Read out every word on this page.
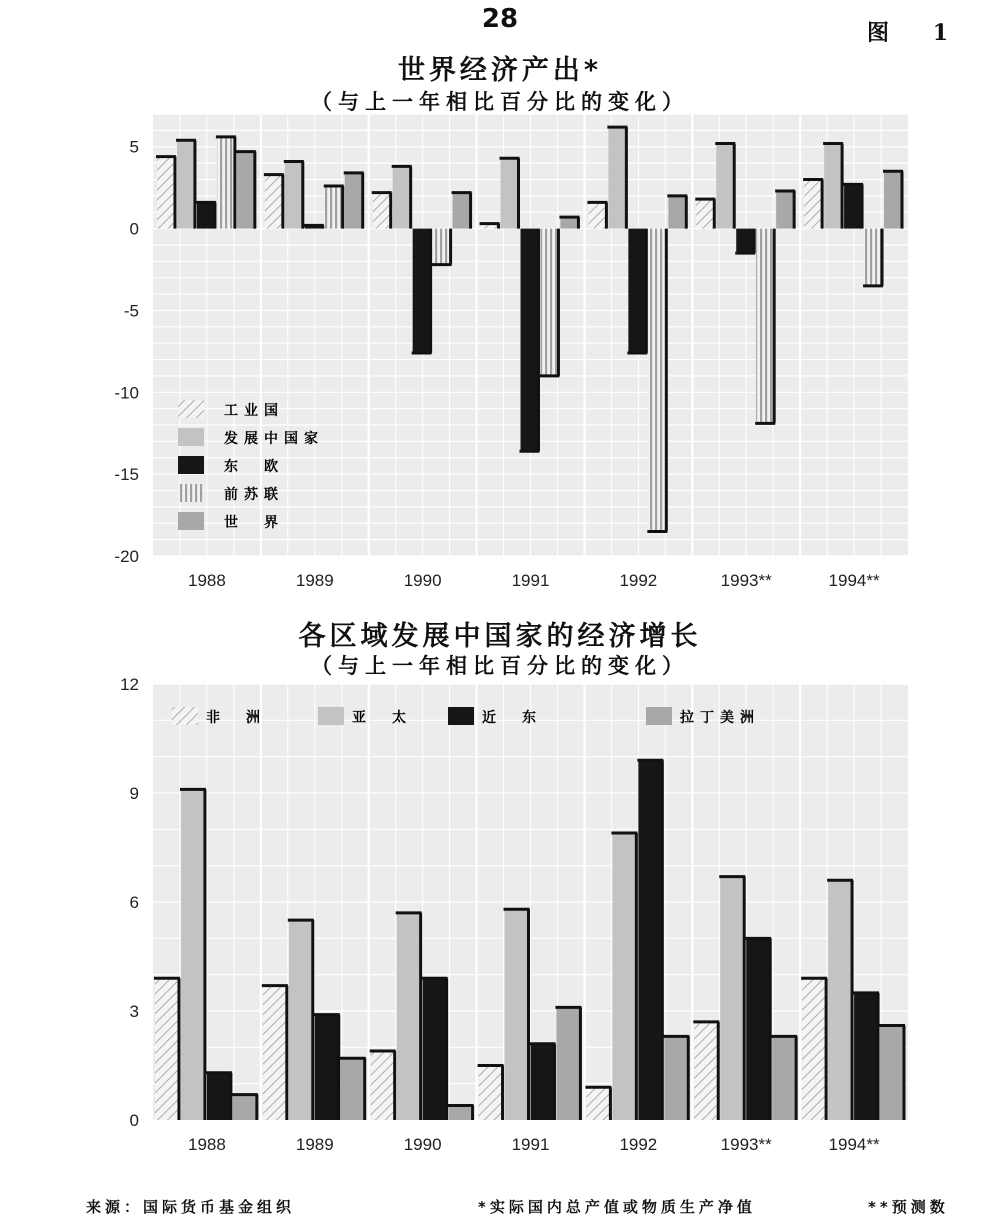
28	图 1
世界经济产出*
（与上一年相比百分比的变化）
5
0
-5
-10
-15
-20
1988	1989	1990	1991	1992	1993**	1994**
工业国
发展中国家
东　欧
前苏联
世　界
各区域发展中国家的经济增长
（与上一年相比百分比的变化）
12
9
6
3
0
1988	1989	1990	1991	1992	1993**	1994**
非　洲	亚　太	近　东	拉丁美洲
来源：国际货币基金组织	*实际国内总产值或物质生产净值	**预测数
